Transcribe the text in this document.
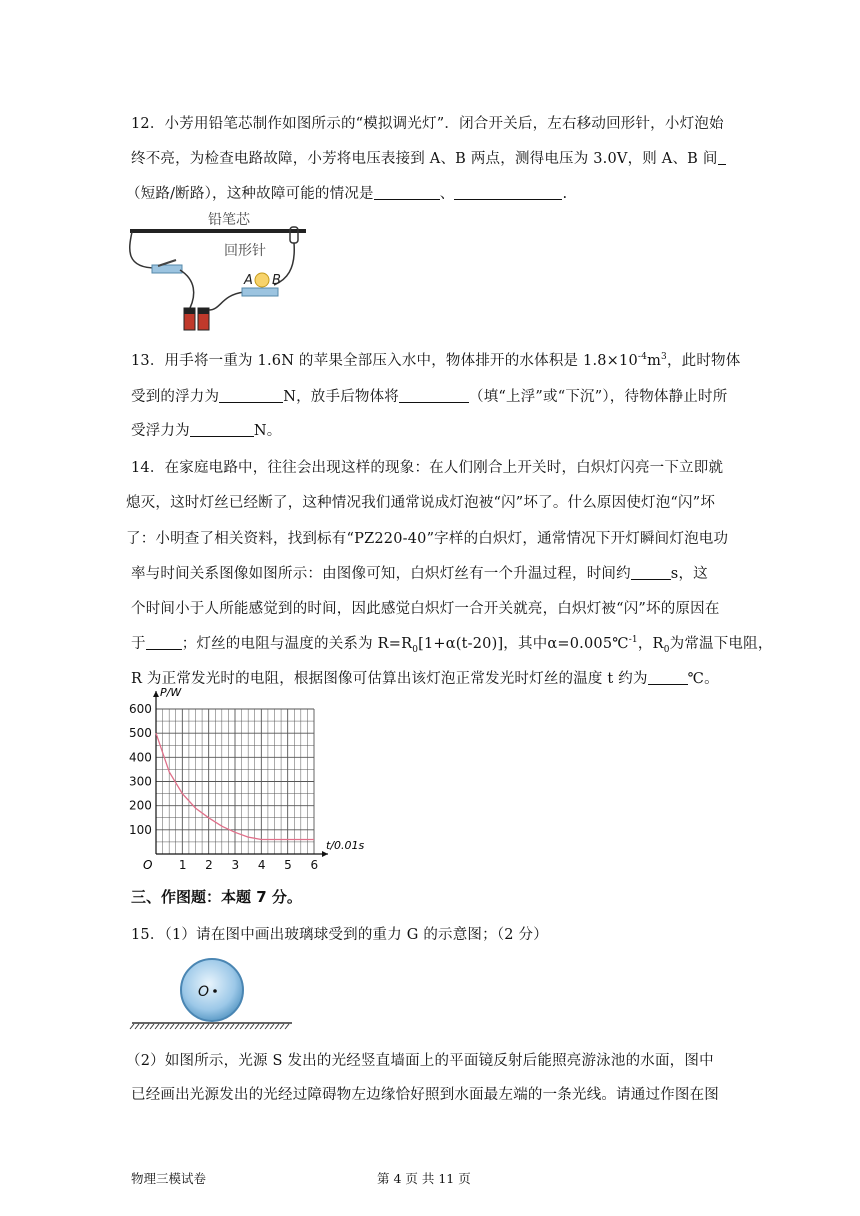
12．小芳用铅笔芯制作如图所示的“模拟调光灯”．闭合开关后，左右移动回形针，小灯泡始
终不亮，为检查电路故障，小芳将电压表接到 A、B 两点，测得电压为 3.0V，则 A、B 间
（短路/断路），这种故障可能的情况是	、	.
铅笔芯
回形针
A B
13．用手将一重为 1.6N 的苹果全部压入水中，物体排开的水体积是 $1.8\times 10^{-4}m^3$，此时物体
受到的浮力为	N，放手后物体将	（填“上浮”或“下沉”），待物体静止时所
受浮力为	N。
14．在家庭电路中，往往会出现这样的现象：在人们刚合上开关时，白炽灯闪亮一下立即就
熄灭，这时灯丝已经断了，这种情况我们通常说成灯泡被“闪”坏了。什么原因使灯泡“闪”坏
了：小明查了相关资料，找到标有“PZ220-40”字样的白炽灯，通常情况下开灯瞬间灯泡电功
率与时间关系图像如图所示：由图像可知，白炽灯丝有一个升温过程，时间约	s，这
个时间小于人所能感觉到的时间，因此感觉白炽灯一合开关就亮，白炽灯被“闪”坏的原因在
于 ；灯丝的电阻与温度的关系为 $R=R_0[1+\alpha(t-20)]$，其中α=0.005℃$^{-1}$，$R_0$为常温下电阻，
R 为正常发光时的电阻，根据图像可估算出该灯泡正常发光时灯丝的温度 t 约为	℃。
1 2 3 4 5 6
100
200
300
400
500
600
P/W
t/0.01s
O
三、作图题：本题 7 分。
15．（1）请在图中画出玻璃球受到的重力 G 的示意图；（2 分）
O
（2）如图所示，光源 S 发出的光经竖直墙面上的平面镜反射后能照亮游泳池的水面，图中
已经画出光源发出的光经过障碍物左边缘恰好照到水面最左端的一条光线。请通过作图在图
物理三模试卷	第 4 页 共 11 页
